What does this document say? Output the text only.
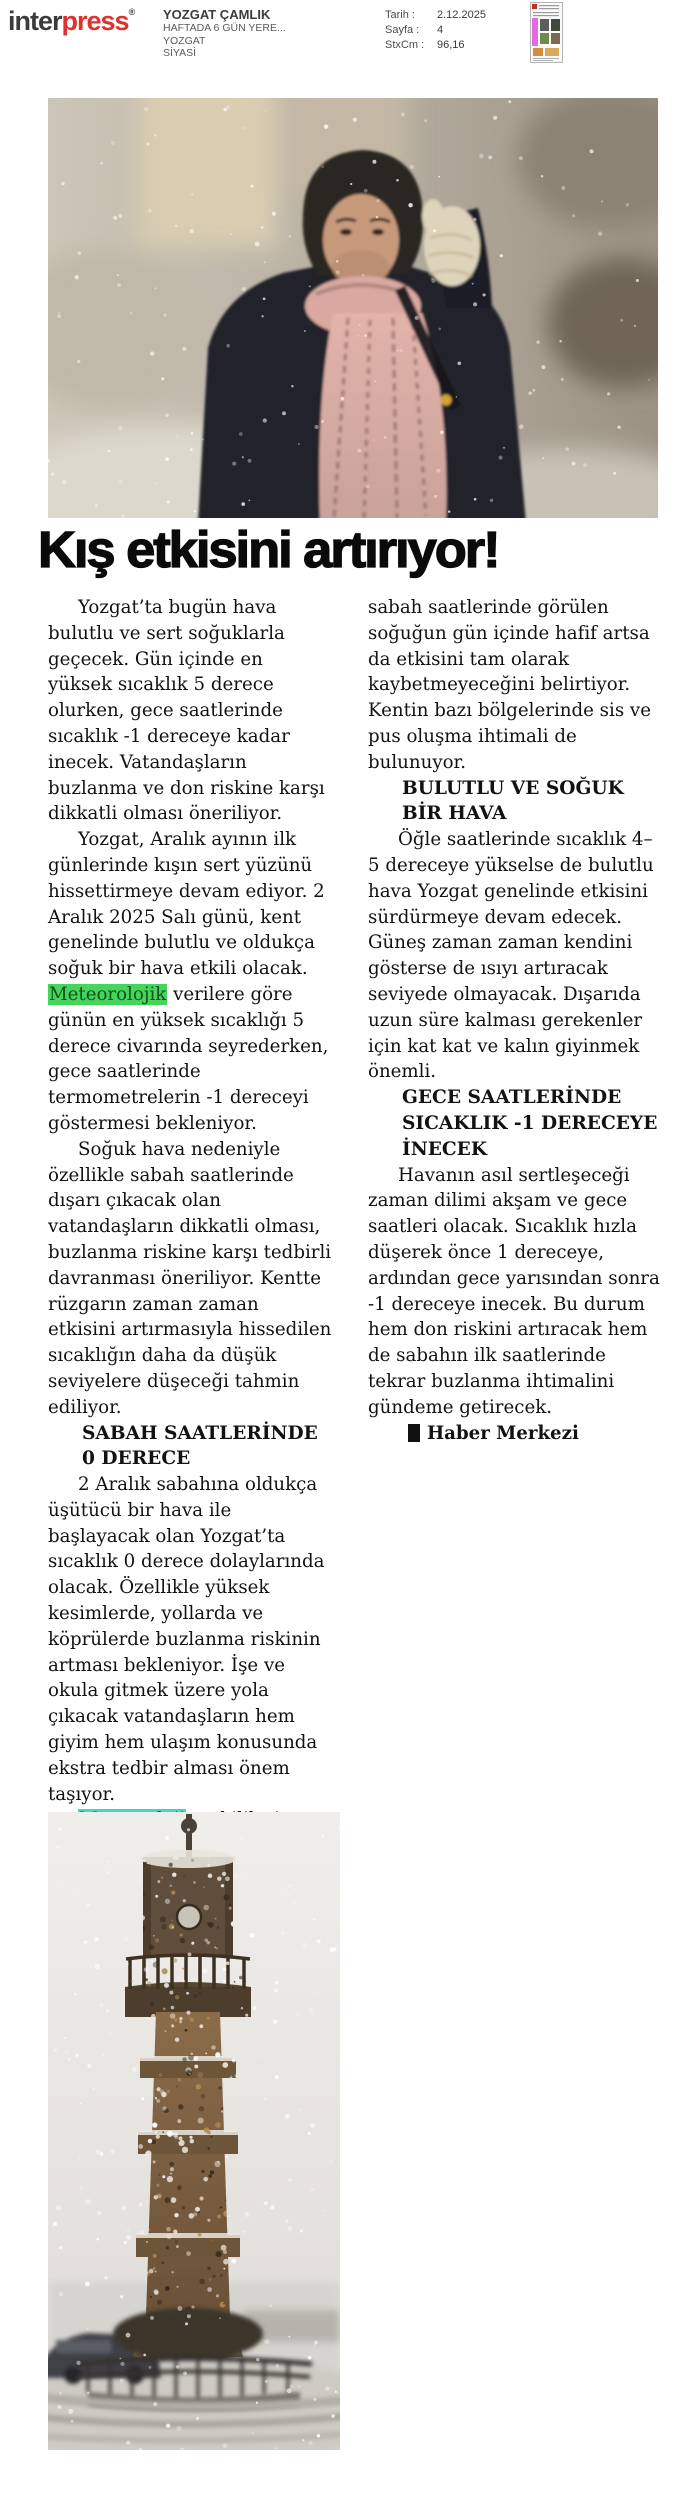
interpress® YOZGAT ÇAMLIK
HAFTADA 6 GÜN YERE...
YOZGAT
SİYASİ
Tarih :	2.12.2025
Sayfa :	4
StxCm :	96,16
Kış etkisini artırıyor!

Yozgat’ta bugün hava bulutlu ve sert soğuklarla geçecek. Gün içinde en yüksek sıcaklık 5 derece olurken, gece saatlerinde sıcaklık -1 dereceye kadar inecek. Vatandaşların buzlanma ve don riskine karşı dikkatli olması öneriliyor.

Yozgat, Aralık ayının ilk günlerinde kışın sert yüzünü hissettirmeye devam ediyor. 2 Aralık 2025 Salı günü, kent genelinde bulutlu ve oldukça soğuk bir hava etkili olacak. Meteorolojik verilere göre günün en yüksek sıcaklığı 5 derece civarında seyrederken, gece saatlerinde termometrelerin -1 dereceyi göstermesi bekleniyor.

Soğuk hava nedeniyle özellikle sabah saatlerinde dışarı çıkacak olan vatandaşların dikkatli olması, buzlanma riskine karşı tedbirli davranması öneriliyor. Kentte rüzgarın zaman zaman etkisini artırmasıyla hissedilen sıcaklığın daha da düşük seviyelere düşeceği tahmin ediliyor.

SABAH SAATLERİNDE 0 DERECE

2 Aralık sabahına oldukça üşütücü bir hava ile başlayacak olan Yozgat’ta sıcaklık 0 derece dolaylarında olacak. Özellikle yüksek kesimlerde, yollarda ve köprülerde buzlanma riskinin artması bekleniyor. İşe ve okula gitmek üzere yola çıkacak vatandaşların hem giyim hem ulaşım konusunda ekstra tedbir alması önem taşıyor.

sabah saatlerinde görülen soğuğun gün içinde hafif artsa da etkisini tam olarak kaybetmeyeceğini belirtiyor. Kentin bazı bölgelerinde sis ve pus oluşma ihtimali de bulunuyor.

BULUTLU VE SOĞUK BİR HAVA

Öğle saatlerinde sıcaklık 4–5 dereceye yükselse de bulutlu hava Yozgat genelinde etkisini sürdürmeye devam edecek. Güneş zaman zaman kendini gösterse de ısıyı artıracak seviyede olmayacak. Dışarıda uzun süre kalması gerekenler için kat kat ve kalın giyinmek önemli.

GECE SAATLERİNDE SICAKLIK -1 DERECEYE İNECEK

Havanın asıl sertleşeceği zaman dilimi akşam ve gece saatleri olacak. Sıcaklık hızla düşerek önce 1 dereceye, ardından gece yarısından sonra -1 dereceye inecek. Bu durum hem don riskini artıracak hem de sabahın ilk saatlerinde tekrar buzlanma ihtimalini gündeme getirecek.

Haber Merkezi
